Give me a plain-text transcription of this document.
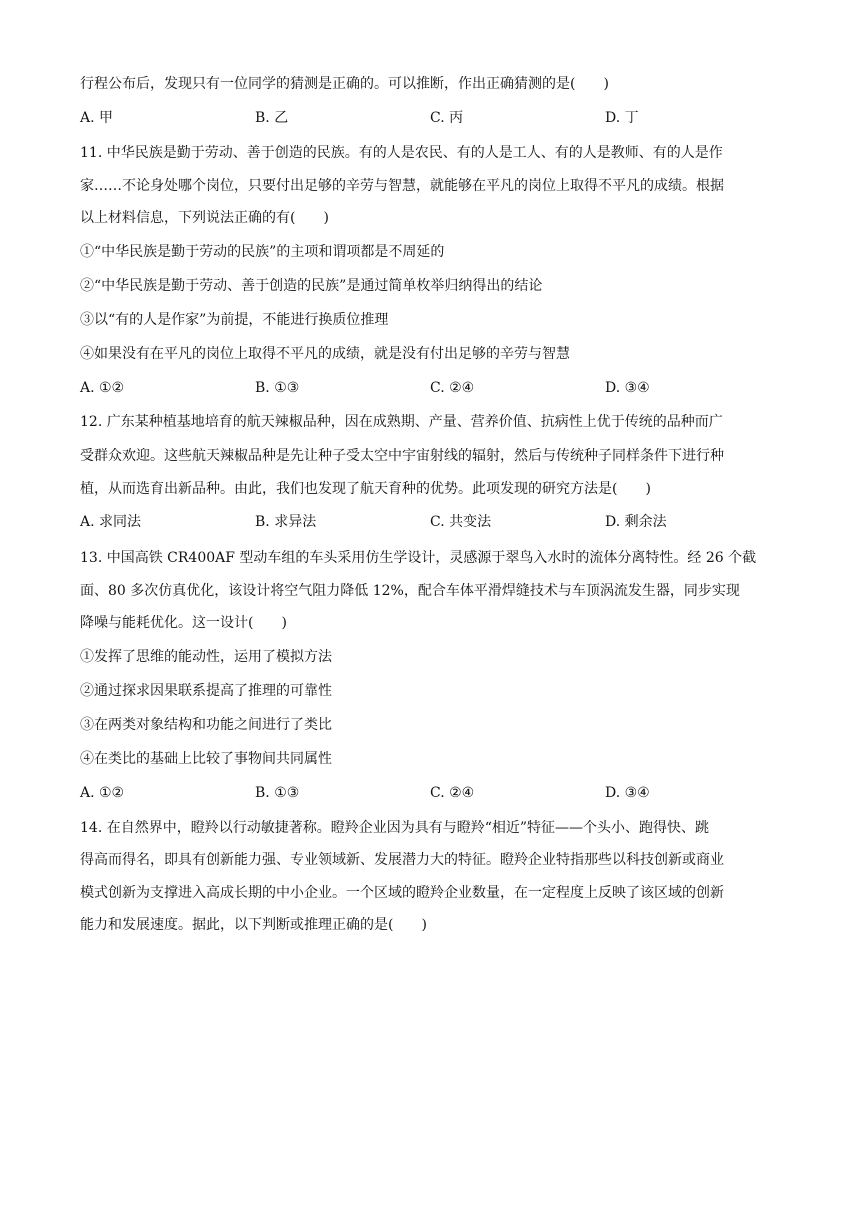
行程公布后，发现只有一位同学的猜测是正确的。可以推断，作出正确猜测的是(　　)
A. 甲	B. 乙	C. 丙	D. 丁
11. 中华民族是勤于劳动、善于创造的民族。有的人是农民、有的人是工人、有的人是教师、有的人是作
家……不论身处哪个岗位，只要付出足够的辛劳与智慧，就能够在平凡的岗位上取得不平凡的成绩。根据
以上材料信息，下列说法正确的有(　　)
①“中华民族是勤于劳动的民族”的主项和谓项都是不周延的
②“中华民族是勤于劳动、善于创造的民族”是通过简单枚举归纳得出的结论
③以“有的人是作家”为前提，不能进行换质位推理
④如果没有在平凡的岗位上取得不平凡的成绩，就是没有付出足够的辛劳与智慧
A. ①②	B. ①③	C. ②④	D. ③④
12. 广东某种植基地培育的航天辣椒品种，因在成熟期、产量、营养价值、抗病性上优于传统的品种而广
受群众欢迎。这些航天辣椒品种是先让种子受太空中宇宙射线的辐射，然后与传统种子同样条件下进行种
植，从而选育出新品种。由此，我们也发现了航天育种的优势。此项发现的研究方法是(　　)
A. 求同法	B. 求异法	C. 共变法	D. 剩余法
13. 中国高铁 CR400AF 型动车组的车头采用仿生学设计，灵感源于翠鸟入水时的流体分离特性。经 26 个截
面、80 多次仿真优化，该设计将空气阻力降低 12%，配合车体平滑焊缝技术与车顶涡流发生器，同步实现
降噪与能耗优化。这一设计(　　)
①发挥了思维的能动性，运用了模拟方法
②通过探求因果联系提高了推理的可靠性
③在两类对象结构和功能之间进行了类比
④在类比的基础上比较了事物间共同属性
A. ①②	B. ①③	C. ②④	D. ③④
14. 在自然界中，瞪羚以行动敏捷著称。瞪羚企业因为具有与瞪羚“相近”特征——个头小、跑得快、跳
得高而得名，即具有创新能力强、专业领域新、发展潜力大的特征。瞪羚企业特指那些以科技创新或商业
模式创新为支撑进入高成长期的中小企业。一个区域的瞪羚企业数量，在一定程度上反映了该区域的创新
能力和发展速度。据此，以下判断或推理正确的是(　　)
